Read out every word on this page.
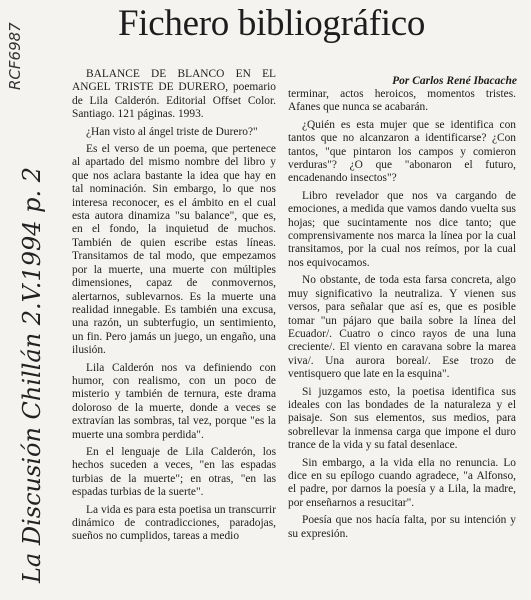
Fichero bibliográfico
RCF6987
La Discusión Chillán 2.V.1994 p. 2
Por Carlos René Ibacache

BALANCE DE BLANCO EN EL ANGEL TRISTE DE DURERO, poemario de Lila Calderón. Editorial Offset Color. Santiago. 121 páginas. 1993.

¿Han visto al ángel triste de Durero?"

Es el verso de un poema, que pertenece al apartado del mismo nombre del libro y que nos aclara bastante la idea que hay en tal nominación. Sin embargo, lo que nos interesa reconocer, es el ámbito en el cual esta autora dinamiza "su balance", que es, en el fondo, la inquietud de muchos. También de quien escribe estas líneas. Transitamos de tal modo, que empezamos por la muerte, una muerte con múltiples dimensiones, capaz de conmovernos, alertarnos, sublevarnos. Es la muerte una realidad innegable. Es también una excusa, una razón, un subterfugio, un sentimiento, un fin. Pero jamás un juego, un engaño, una ilusión.

Lila Calderón nos va definiendo con humor, con realismo, con un poco de misterio y también de ternura, este drama doloroso de la muerte, donde a veces se extravían las sombras, tal vez, porque "es la muerte una sombra perdida".

En el lenguaje de Lila Calderón, los hechos suceden a veces, "en las espadas turbias de la muerte"; en otras, "en las espadas turbias de la suerte".

La vida es para esta poetisa un transcurrir dinámico de contradicciones, paradojas, sueños no cumplidos, tareas a medio

terminar, actos heroicos, momentos tristes. Afanes que nunca se acabarán.

¿Quién es esta mujer que se identifica con tantos que no alcanzaron a identificarse? ¿Con tantos, "que pintaron los campos y comieron verduras"? ¿O que "abonaron el futuro, encadenando insectos"?

Libro revelador que nos va cargando de emociones, a medida que vamos dando vuelta sus hojas; que sucintamente nos dice tanto; que comprensivamente nos marca la línea por la cual transitamos, por la cual nos reímos, por la cual nos equivocamos.

No obstante, de toda esta farsa concreta, algo muy significativo la neutraliza. Y vienen sus versos, para señalar que así es, que es posible tomar "un pájaro que baila sobre la línea del Ecuador/. Cuatro o cinco rayos de una luna creciente/. El viento en caravana sobre la marea viva/. Una aurora boreal/. Ese trozo de ventisquero que late en la esquina".

Si juzgamos esto, la poetisa identifica sus ideales con las bondades de la naturaleza y el paisaje. Son sus elementos, sus medios, para sobrellevar la inmensa carga que impone el duro trance de la vida y su fatal desenlace.

Sin embargo, a la vida ella no renuncia. Lo dice en su epílogo cuando agradece, "a Alfonso, el padre, por darnos la poesía y a Lila, la madre, por enseñarnos a resucitar".

Poesía que nos hacía falta, por su intención y su expresión.
